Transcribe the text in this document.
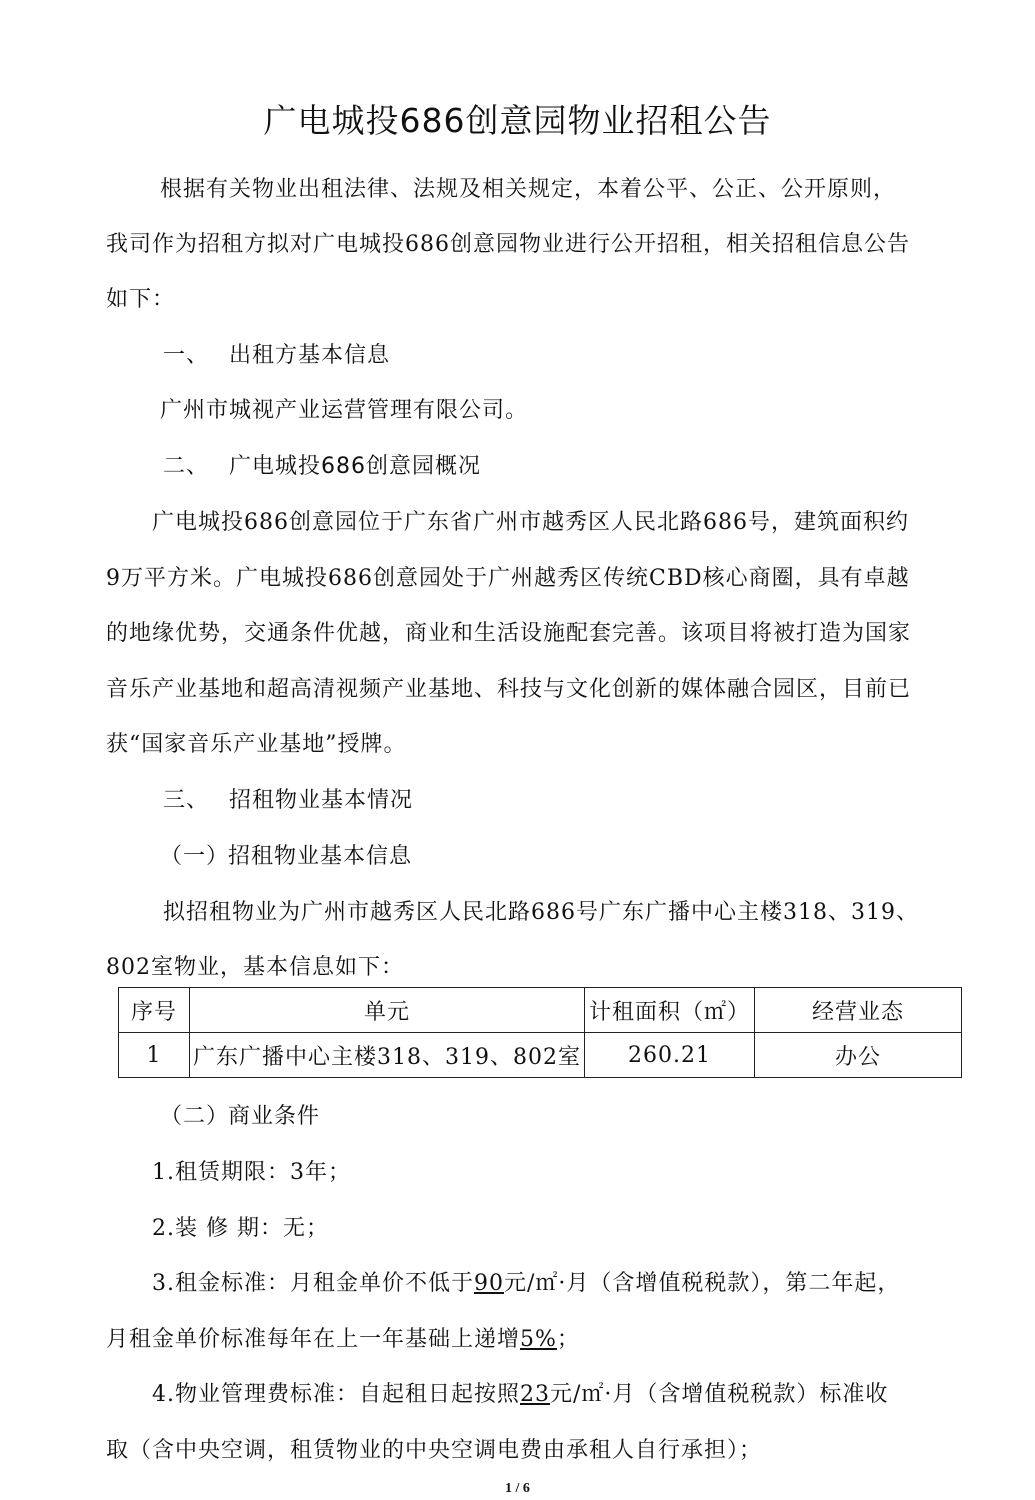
广电城投686创意园物业招租公告
根据有关物业出租法律、法规及相关规定，本着公平、公正、公开原则，
我司作为招租方拟对广电城投686创意园物业进行公开招租，相关招租信息公告
如下：
一、 出租方基本信息
广州市城视产业运营管理有限公司。
二、 广电城投686创意园概况
广电城投686创意园位于广东省广州市越秀区人民北路686号，建筑面积约
9万平方米。广电城投686创意园处于广州越秀区传统CBD核心商圈，具有卓越
的地缘优势，交通条件优越，商业和生活设施配套完善。该项目将被打造为国家
音乐产业基地和超高清视频产业基地、科技与文化创新的媒体融合园区，目前已
获“国家音乐产业基地”授牌。
三、 招租物业基本情况
（一）招租物业基本信息
拟招租物业为广州市越秀区人民北路686号广东广播中心主楼318、319、
802室物业，基本信息如下：
序号	单元	计租面积（㎡）	经营业态
1	广东广播中心主楼318、319、802室	260.21	办公
（二）商业条件
1.租赁期限：3年；
2.装 修 期：无；
3.租金标准：月租金单价不低于90元/㎡·月（含增值税税款），第二年起，
月租金单价标准每年在上一年基础上递增5%；
4.物业管理费标准：自起租日起按照23元/㎡·月（含增值税税款）标准收
取（含中央空调，租赁物业的中央空调电费由承租人自行承担）；
1 / 6
